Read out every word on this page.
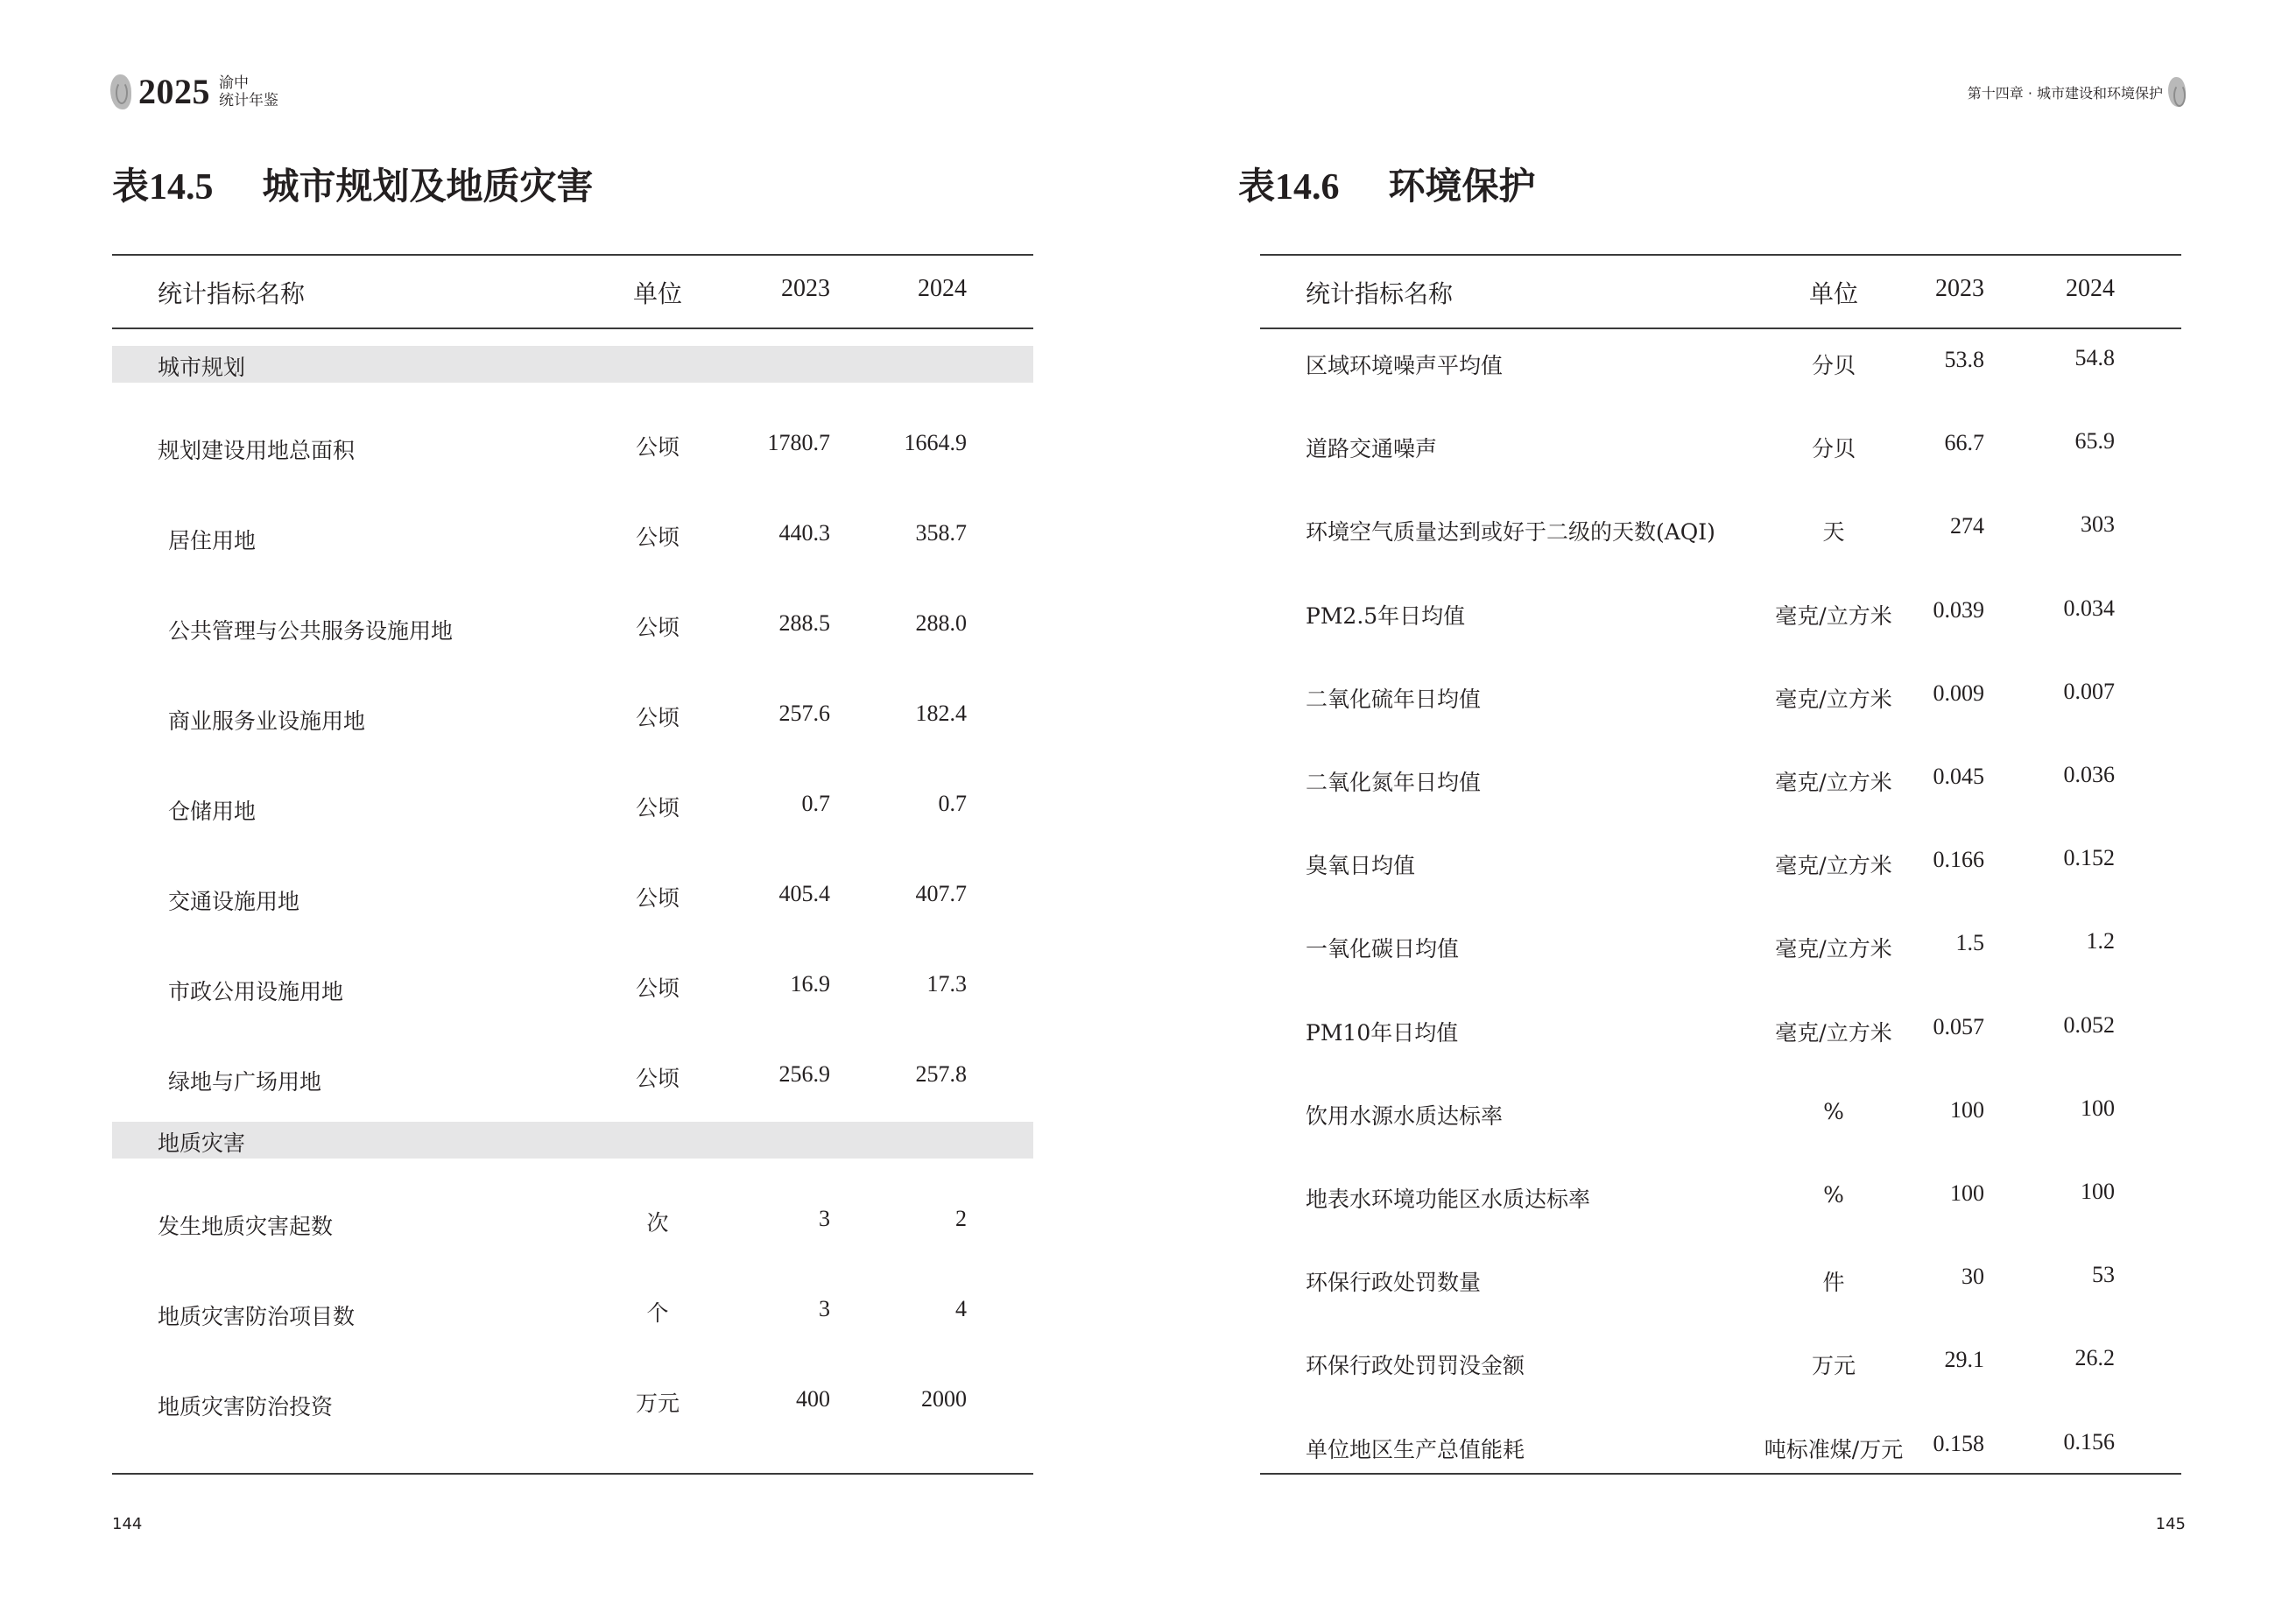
2025 渝中
统计年鉴
表14.5 城市规划及地质灾害
统计指标名称	单位	2023	2024
城市规划
规划建设用地总面积	公顷	1780.7	1664.9
居住用地	公顷	440.3	358.7
公共管理与公共服务设施用地	公顷	288.5	288.0
商业服务业设施用地	公顷	257.6	182.4
仓储用地	公顷	0.7	0.7
交通设施用地	公顷	405.4	407.7
市政公用设施用地	公顷	16.9	17.3
绿地与广场用地	公顷	256.9	257.8
地质灾害
发生地质灾害起数	次	3	2
地质灾害防治项目数	个	3	4
地质灾害防治投资	万元	400	2000
144
第十四章 · 城市建设和环境保护
表14.6 环境保护
统计指标名称	单位	2023	2024
区域环境噪声平均值	分贝	53.8	54.8
道路交通噪声	分贝	66.7	65.9
环境空气质量达到或好于二级的天数(AQI)	天	274	303
PM2.5年日均值	毫克/立方米	0.039	0.034
二氧化硫年日均值	毫克/立方米	0.009	0.007
二氧化氮年日均值	毫克/立方米	0.045	0.036
臭氧日均值	毫克/立方米	0.166	0.152
一氧化碳日均值	毫克/立方米	1.5	1.2
PM10年日均值	毫克/立方米	0.057	0.052
饮用水源水质达标率	%	100	100
地表水环境功能区水质达标率	%	100	100
环保行政处罚数量	件	30	53
环保行政处罚罚没金额	万元	29.1	26.2
单位地区生产总值能耗	吨标准煤/万元	0.158	0.156
145
